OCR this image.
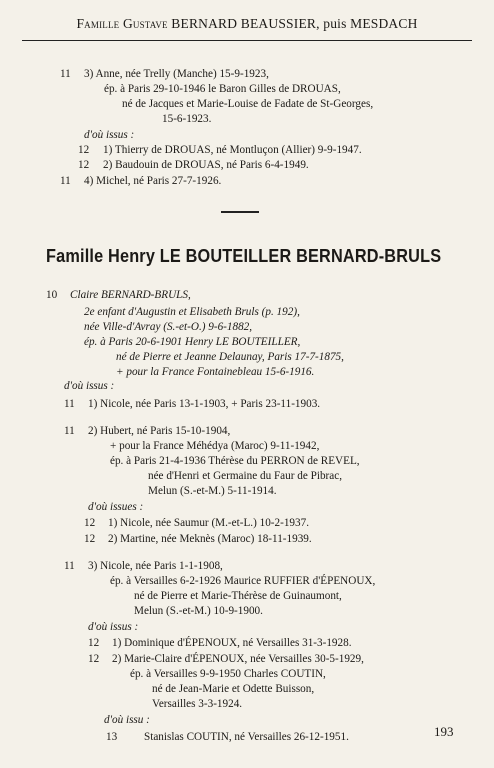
Famille Gustave BERNARD BEAUSSIER, puis MESDACH
11 3) Anne, née Trelly (Manche) 15-9-1923,
ép. à Paris 29-10-1946 le Baron Gilles de DROUAS,
né de Jacques et Marie-Louise de Fadate de St-Georges,
15-6-1923.
d'où issus :
12 1) Thierry de DROUAS, né Montluçon (Allier) 9-9-1947.
12 2) Baudouin de DROUAS, né Paris 6-4-1949.
11 4) Michel, né Paris 27-7-1926.
Famille Henry LE BOUTEILLER BERNARD-BRULS
10 Claire BERNARD-BRULS,
2e enfant d'Augustin et Elisabeth Bruls (p. 192),
née Ville-d'Avray (S.-et-O.) 9-6-1882,
ép. à Paris 20-6-1901 Henry LE BOUTEILLER,
né de Pierre et Jeanne Delaunay, Paris 17-7-1875,
+ pour la France Fontainebleau 15-6-1916.
d'où issus :
11 1) Nicole, née Paris 13-1-1903, + Paris 23-11-1903.
11 2) Hubert, né Paris 15-10-1904,
+ pour la France Méhédya (Maroc) 9-11-1942,
ép. à Paris 21-4-1936 Thérèse du PERRON de REVEL,
née d'Henri et Germaine du Faur de Pibrac,
Melun (S.-et-M.) 5-11-1914.
d'où issues :
12 1) Nicole, née Saumur (M.-et-L.) 10-2-1937.
12 2) Martine, née Meknès (Maroc) 18-11-1939.
11 3) Nicole, née Paris 1-1-1908,
ép. à Versailles 6-2-1926 Maurice RUFFIER d'ÉPENOUX,
né de Pierre et Marie-Thérèse de Guinaumont,
Melun (S.-et-M.) 10-9-1900.
d'où issus :
12 1) Dominique d'ÉPENOUX, né Versailles 31-3-1928.
12 2) Marie-Claire d'ÉPENOUX, née Versailles 30-5-1929,
ép. à Versailles 9-9-1950 Charles COUTIN,
né de Jean-Marie et Odette Buisson,
Versailles 3-3-1924.
d'où issu :
13 Stanislas COUTIN, né Versailles 26-12-1951.	193
